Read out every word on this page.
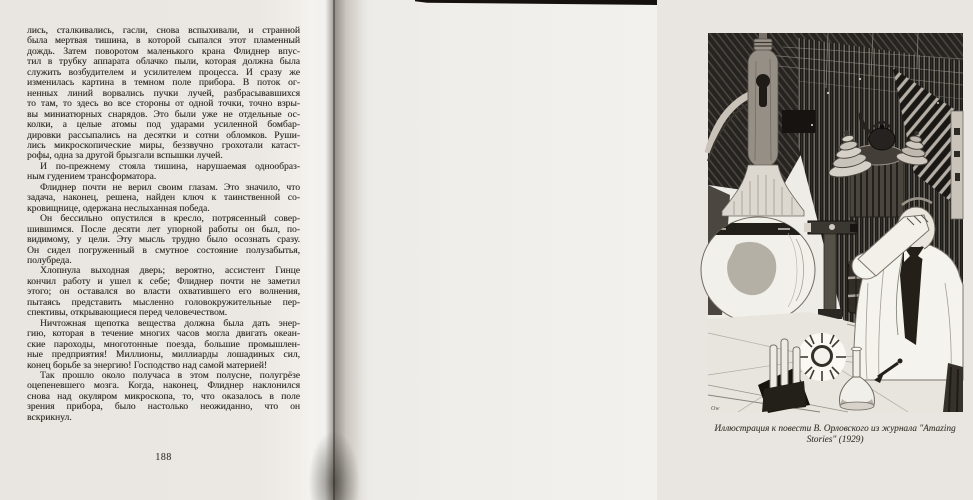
лись, сталкивались, гасли, снова вспыхивали, и странной
была мертвая тишина, в которой сыпался этот пламенный
дождь. Затем поворотом маленького крана Флиднер впус-
тил в трубку аппарата облачко пыли, которая должна была
служить возбудителем и усилителем процесса. И сразу же
изменилась картина в темном поле прибора. В поток ог-
ненных линий ворвались пучки лучей, разбрасывавшихся
то там, то здесь во все стороны от одной точки, точно взры-
вы миниатюрных снарядов. Это были уже не отдельные ос-
колки, а целые атомы под ударами усиленной бомбар-
дировки рассыпались на десятки и сотни обломков. Руши-
лись микроскопические миры, беззвучно грохотали катаст-
рофы, одна за другой брызгали вспышки лучей.
И по-прежнему стояла тишина, нарушаемая однообраз-
ным гудением трансформатора.
Флиднер почти не верил своим глазам. Это значило, что
задача, наконец, решена, найден ключ к таинственной со-
кровищнице, одержана неслыханная победа.
Он бессильно опустился в кресло, потрясенный совер-
шившимся. После десяти лет упорной работы он был, по-
видимому, у цели. Эту мысль трудно было осознать сразу.
Он сидел погруженный в смутное состояние полузабытья,
полубреда.
Хлопнула выходная дверь; вероятно, ассистент Гинце
кончил работу и ушел к себе; Флиднер почти не заметил
этого; он оставался во власти охватившего его волнения,
пытаясь представить мысленно головокружительные пер-
спективы, открывающиеся перед человечеством.
Ничтожная щепотка вещества должна была дать энер-
гию, которая в течение многих часов могла двигать океан-
ские пароходы, многотонные поезда, большие промышлен-
ные предприятия! Миллионы, миллиарды лошадиных сил,
конец борьбе за энергию! Господство над самой материей!
Так прошло около получаса в этом полусне, полугрёзе
оцепеневшего мозга. Когда, наконец, Флиднер наклонился
снова над окуляром микроскопа, то, что оказалось в поле
зрения прибора, было настолько неожиданно, что он
вскрикнул.
188
Ow
Иллюстрация к повести В. Орловского из журнала "Amazing
Stories" (1929)
